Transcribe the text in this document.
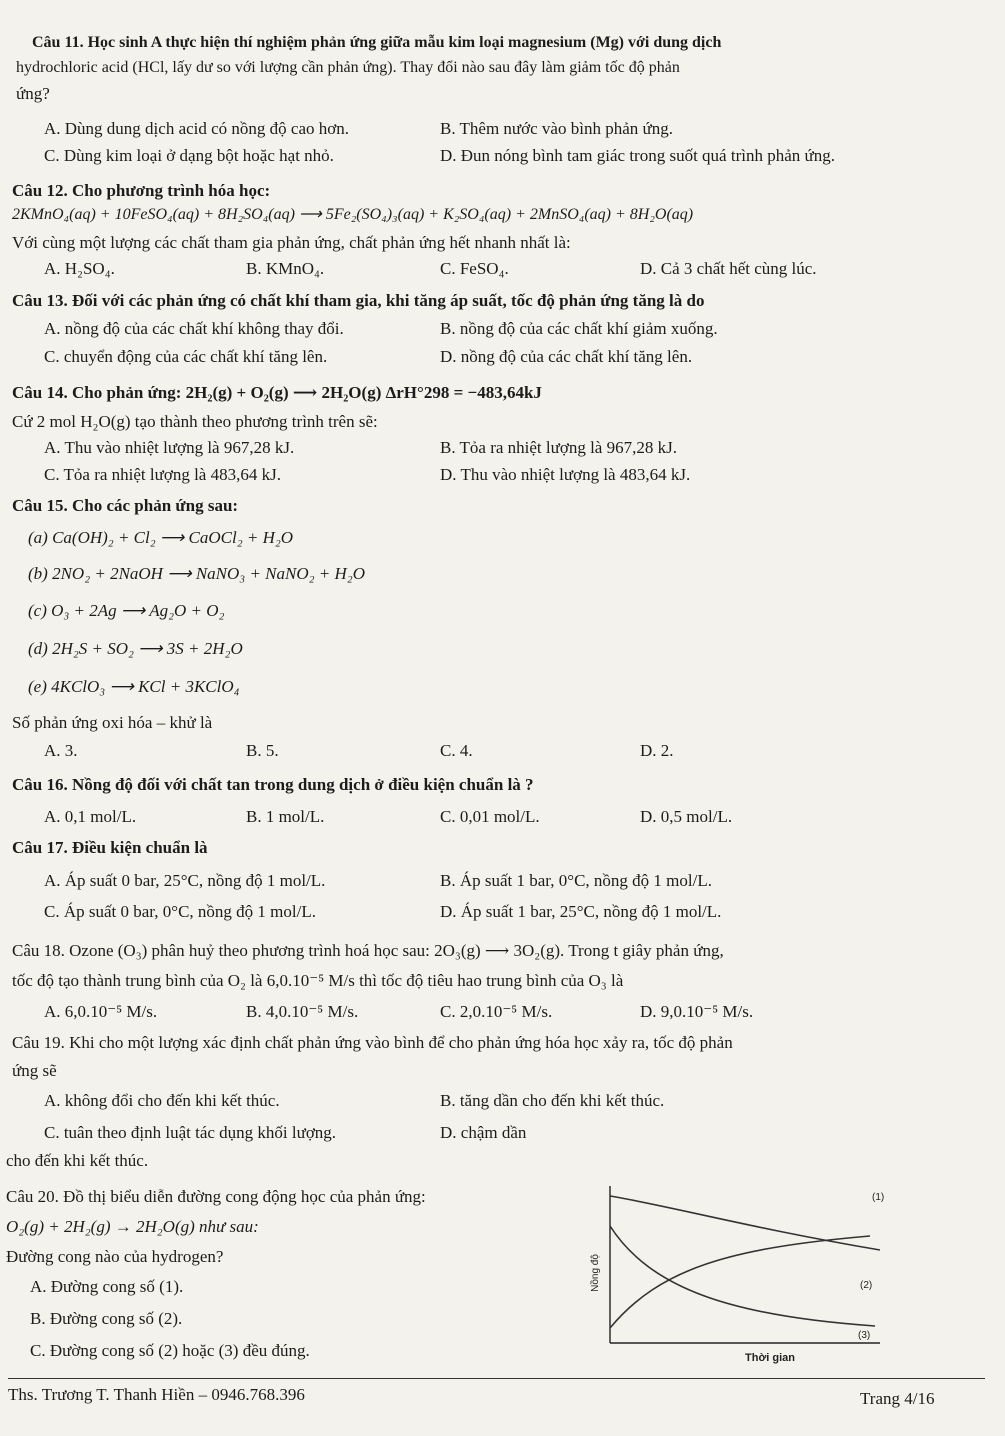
Câu 11. Học sinh A thực hiện thí nghiệm phản ứng giữa mẫu kim loại magnesium (Mg) với dung dịch
hydrochloric acid (HCl, lấy dư so với lượng cần phản ứng). Thay đổi nào sau đây làm giảm tốc độ phản
ứng?
A. Dùng dung dịch acid có nồng độ cao hơn.	B. Thêm nước vào bình phản ứng.
C. Dùng kim loại ở dạng bột hoặc hạt nhỏ.	D. Đun nóng bình tam giác trong suốt quá trình phản ứng.
Câu 12. Cho phương trình hóa học:
2KMnO₄(aq) + 10FeSO₄(aq) + 8H₂SO₄(aq) ⟶ 5Fe₂(SO₄)₃(aq) + K₂SO₄(aq) + 2MnSO₄(aq) + 8H₂O(aq)
Với cùng một lượng các chất tham gia phản ứng, chất phản ứng hết nhanh nhất là:
A. H₂SO₄.	B. KMnO₄.	C. FeSO₄.	D. Cả 3 chất hết cùng lúc.
Câu 13. Đối với các phản ứng có chất khí tham gia, khi tăng áp suất, tốc độ phản ứng tăng là do
A. nồng độ của các chất khí không thay đổi.	B. nồng độ của các chất khí giảm xuống.
C. chuyển động của các chất khí tăng lên.	D. nồng độ của các chất khí tăng lên.
Câu 14. Cho phản ứng: 2H₂(g) + O₂(g) ⟶ 2H₂O(g) ΔrH°298 = −483,64kJ
Cứ 2 mol H₂O(g) tạo thành theo phương trình trên sẽ:
A. Thu vào nhiệt lượng là 967,28 kJ.	B. Tỏa ra nhiệt lượng là 967,28 kJ.
C. Tỏa ra nhiệt lượng là 483,64 kJ.	D. Thu vào nhiệt lượng là 483,64 kJ.
Câu 15. Cho các phản ứng sau:
(a) Ca(OH)₂ + Cl₂ ⟶ CaOCl₂ + H₂O
(b) 2NO₂ + 2NaOH ⟶ NaNO₃ + NaNO₂ + H₂O
(c) O₃ + 2Ag ⟶ Ag₂O + O₂
(d) 2H₂S + SO₂ ⟶ 3S + 2H₂O
(e) 4KClO₃ ⟶ KCl + 3KClO₄
Số phản ứng oxi hóa – khử là
A. 3.	B. 5.	C. 4.	D. 2.
Câu 16. Nồng độ đối với chất tan trong dung dịch ở điều kiện chuẩn là ?
A. 0,1 mol/L.	B. 1 mol/L.	C. 0,01 mol/L.	D. 0,5 mol/L.
Câu 17. Điều kiện chuẩn là
A. Áp suất 0 bar, 25°C, nồng độ 1 mol/L.	B. Áp suất 1 bar, 0°C, nồng độ 1 mol/L.
C. Áp suất 0 bar, 0°C, nồng độ 1 mol/L.	D. Áp suất 1 bar, 25°C, nồng độ 1 mol/L.
Câu 18. Ozone (O₃) phân huỷ theo phương trình hoá học sau: 2O₃(g) ⟶ 3O₂(g). Trong t giây phản ứng,
tốc độ tạo thành trung bình của O₂ là 6,0.10⁻⁵ M/s thì tốc độ tiêu hao trung bình của O₃ là
A. 6,0.10⁻⁵ M/s.	B. 4,0.10⁻⁵ M/s.	C. 2,0.10⁻⁵ M/s.	D. 9,0.10⁻⁵ M/s.
Câu 19. Khi cho một lượng xác định chất phản ứng vào bình để cho phản ứng hóa học xảy ra, tốc độ phản
ứng sẽ
A. không đổi cho đến khi kết thúc.	B. tăng dần cho đến khi kết thúc.
C. tuân theo định luật tác dụng khối lượng.	D. chậm dần
cho đến khi kết thúc.
Câu 20. Đồ thị biểu diễn đường cong động học của phản ứng:
O₂(g) + 2H₂(g) → 2H₂O(g) như sau:
Đường cong nào của hydrogen?
A. Đường cong số (1).
B. Đường cong số (2).
C. Đường cong số (2) hoặc (3) đều đúng.
Nồng độ
Thời gian
(1)
(2)
(3)
Ths. Trương T. Thanh Hiền – 0946.768.396	Trang 4/16
